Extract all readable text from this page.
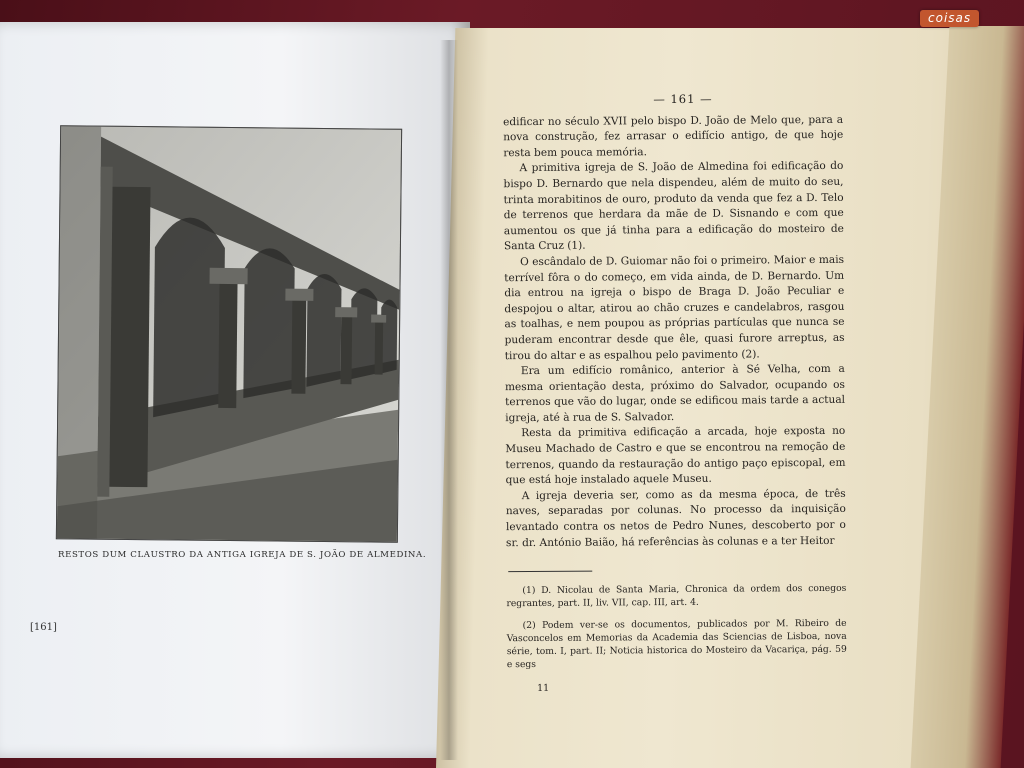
RESTOS DUM CLAUSTRO DA ANTIGA IGREJA DE S. JOÃO DE ALMEDINA.
[161]
— 161 —

edificar no século XVII pelo bispo D. João de Melo que, para a nova construção, fez arrasar o edifício antigo, de que hoje resta bem pouca memória.

A primitiva igreja de S. João de Almedina foi edificação do bispo D. Bernardo que nela dispendeu, além de muito do seu, trinta morabitinos de ouro, produto da venda que fez a D. Telo de terrenos que herdara da mãe de D. Sisnando e com que aumentou os que já tinha para a edificação do mosteiro de Santa Cruz (1).

O escândalo de D. Guiomar não foi o primeiro. Maior e mais terrível fôra o do começo, em vida ainda, de D. Bernardo. Um dia entrou na igreja o bispo de Braga D. João Peculiar e despojou o altar, atirou ao chão cruzes e candelabros, rasgou as toalhas, e nem poupou as próprias partículas que nunca se puderam encontrar desde que êle, quasi furore arreptus, as tirou do altar e as espalhou pelo pavimento (2).

Era um edifício românico, anterior à Sé Velha, com a mesma orientação desta, próximo do Salvador, ocupando os terrenos que vão do lugar, onde se edificou mais tarde a actual igreja, até à rua de S. Salvador.

Resta da primitiva edificação a arcada, hoje exposta no Museu Machado de Castro e que se encontrou na remoção de terrenos, quando da restauração do antigo paço episcopal, em que está hoje instalado aquele Museu.

A igreja deveria ser, como as da mesma época, de três naves, separadas por colunas. No processo da inquisição levantado contra os netos de Pedro Nunes, descoberto por o sr. dr. António Baião, há referências às colunas e a ter Heitor

(1) D. Nicolau de Santa Maria, Chronica da ordem dos conegos regrantes, part. II, liv. VII, cap. III, art. 4.

(2) Podem ver-se os documentos, publicados por M. Ribeiro de Vasconcelos em Memorias da Academia das Sciencias de Lisboa, nova série, tom. I, part. II; Noticia historica do Mosteiro da Vacariça, pág. 59 e segs

11
coisas
